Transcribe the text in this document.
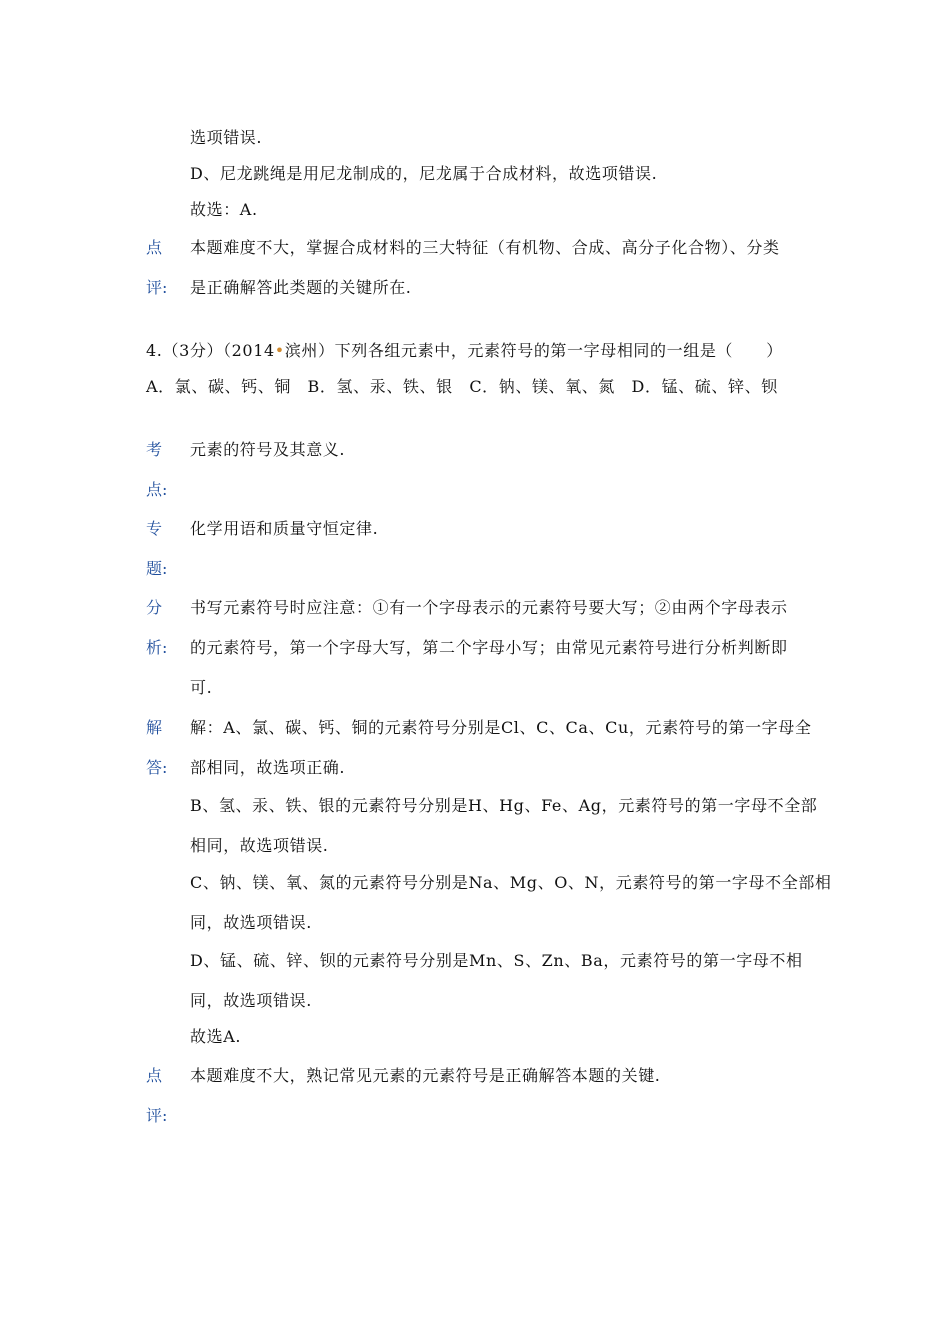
选项错误.
D、尼龙跳绳是用尼龙制成的，尼龙属于合成材料，故选项错误.
故选：A.
点 本题难度不大，掌握合成材料的三大特征（有机物、合成、高分子化合物）、分类
评: 是正确解答此类题的关键所在.
4.（3分）（2014•滨州）下列各组元素中，元素符号的第一字母相同的一组是（　　）
A．氯、碳、钙、铜　B．氢、汞、铁、银　C．钠、镁、氧、氮　D．锰、硫、锌、钡
考 元素的符号及其意义.
点:
专 化学用语和质量守恒定律.
题:
分 书写元素符号时应注意：①有一个字母表示的元素符号要大写；②由两个字母表示
析: 的元素符号，第一个字母大写，第二个字母小写；由常见元素符号进行分析判断即
可.
解 解：A、氯、碳、钙、铜的元素符号分别是Cl、C、Ca、Cu，元素符号的第一字母全
答: 部相同，故选项正确.
B、氢、汞、铁、银的元素符号分别是H、Hg、Fe、Ag，元素符号的第一字母不全部
相同，故选项错误.
C、钠、镁、氧、氮的元素符号分别是Na、Mg、O、N，元素符号的第一字母不全部相
同，故选项错误.
D、锰、硫、锌、钡的元素符号分别是Mn、S、Zn、Ba，元素符号的第一字母不相
同，故选项错误.
故选A.
点 本题难度不大，熟记常见元素的元素符号是正确解答本题的关键.
评:
